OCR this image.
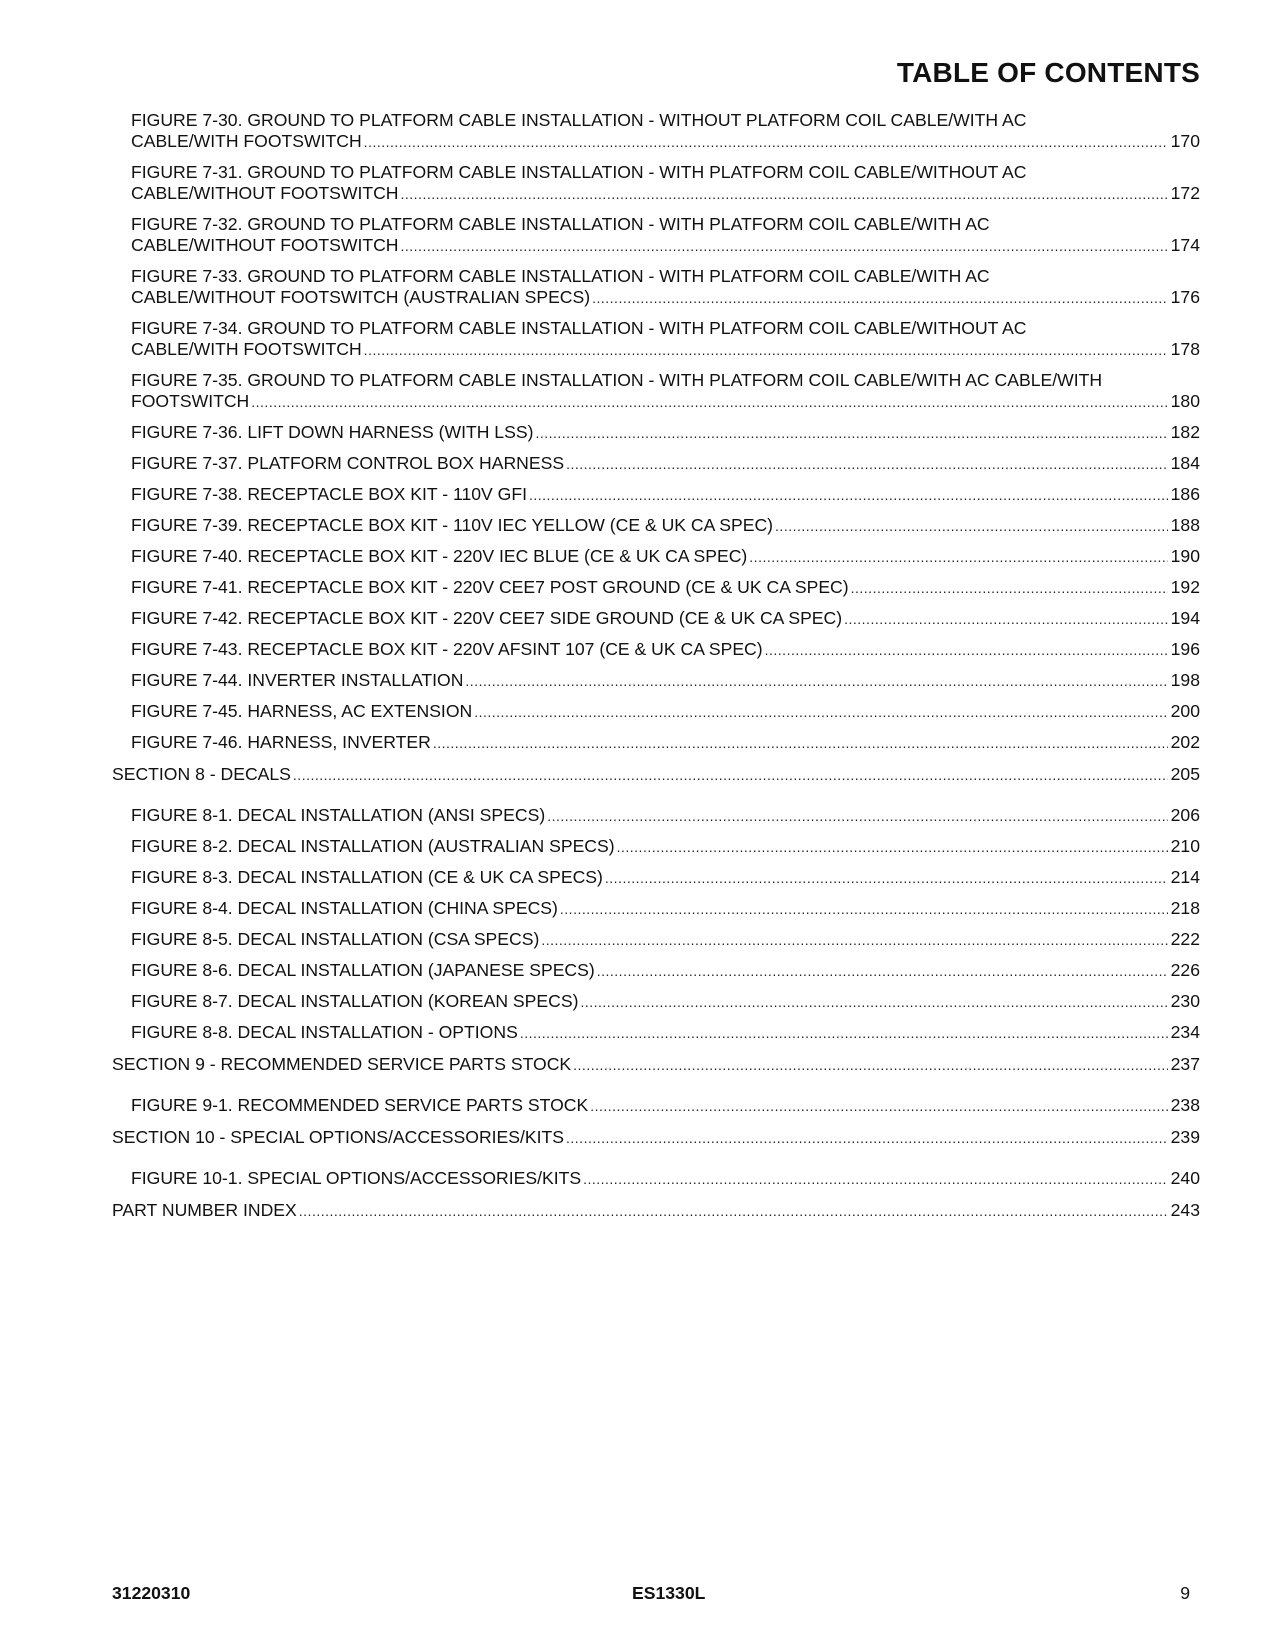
TABLE OF CONTENTS
FIGURE 7-30. GROUND TO PLATFORM CABLE INSTALLATION - WITHOUT PLATFORM COIL CABLE/WITH AC
CABLE/WITH FOOTSWITCH .....	170
FIGURE 7-31. GROUND TO PLATFORM CABLE INSTALLATION - WITH PLATFORM COIL CABLE/WITHOUT AC
CABLE/WITHOUT FOOTSWITCH .....	172
FIGURE 7-32. GROUND TO PLATFORM CABLE INSTALLATION - WITH PLATFORM COIL CABLE/WITH AC
CABLE/WITHOUT FOOTSWITCH .....	174
FIGURE 7-33. GROUND TO PLATFORM CABLE INSTALLATION - WITH PLATFORM COIL CABLE/WITH AC
CABLE/WITHOUT FOOTSWITCH (AUSTRALIAN SPECS) .....	176
FIGURE 7-34. GROUND TO PLATFORM CABLE INSTALLATION - WITH PLATFORM COIL CABLE/WITHOUT AC
CABLE/WITH FOOTSWITCH .....	178
FIGURE 7-35. GROUND TO PLATFORM CABLE INSTALLATION - WITH PLATFORM COIL CABLE/WITH AC CABLE/WITH
FOOTSWITCH .....	180
FIGURE 7-36. LIFT DOWN HARNESS (WITH LSS) .....	182
FIGURE 7-37. PLATFORM CONTROL BOX HARNESS .....	184
FIGURE 7-38. RECEPTACLE BOX KIT - 110V GFI .....	186
FIGURE 7-39. RECEPTACLE BOX KIT - 110V IEC YELLOW (CE & UK CA SPEC) .....	188
FIGURE 7-40. RECEPTACLE BOX KIT - 220V IEC BLUE (CE & UK CA SPEC) .....	190
FIGURE 7-41. RECEPTACLE BOX KIT - 220V CEE7 POST GROUND (CE & UK CA SPEC) .....	192
FIGURE 7-42. RECEPTACLE BOX KIT - 220V CEE7 SIDE GROUND (CE & UK CA SPEC) .....	194
FIGURE 7-43. RECEPTACLE BOX KIT - 220V AFSINT 107 (CE & UK CA SPEC) .....	196
FIGURE 7-44. INVERTER INSTALLATION .....	198
FIGURE 7-45. HARNESS, AC EXTENSION .....	200
FIGURE 7-46. HARNESS, INVERTER .....	202
SECTION 8 - DECALS .....	205
FIGURE 8-1. DECAL INSTALLATION (ANSI SPECS) .....	206
FIGURE 8-2. DECAL INSTALLATION (AUSTRALIAN SPECS) .....	210
FIGURE 8-3. DECAL INSTALLATION (CE & UK CA SPECS) .....	214
FIGURE 8-4. DECAL INSTALLATION (CHINA SPECS) .....	218
FIGURE 8-5. DECAL INSTALLATION (CSA SPECS) .....	222
FIGURE 8-6. DECAL INSTALLATION (JAPANESE SPECS) .....	226
FIGURE 8-7. DECAL INSTALLATION (KOREAN SPECS) .....	230
FIGURE 8-8. DECAL INSTALLATION - OPTIONS .....	234
SECTION 9 - RECOMMENDED SERVICE PARTS STOCK .....	237
FIGURE 9-1. RECOMMENDED SERVICE PARTS STOCK .....	238
SECTION 10 - SPECIAL OPTIONS/ACCESSORIES/KITS .....	239
FIGURE 10-1. SPECIAL OPTIONS/ACCESSORIES/KITS .....	240
PART NUMBER INDEX .....	243
31220310	ES1330L	9
